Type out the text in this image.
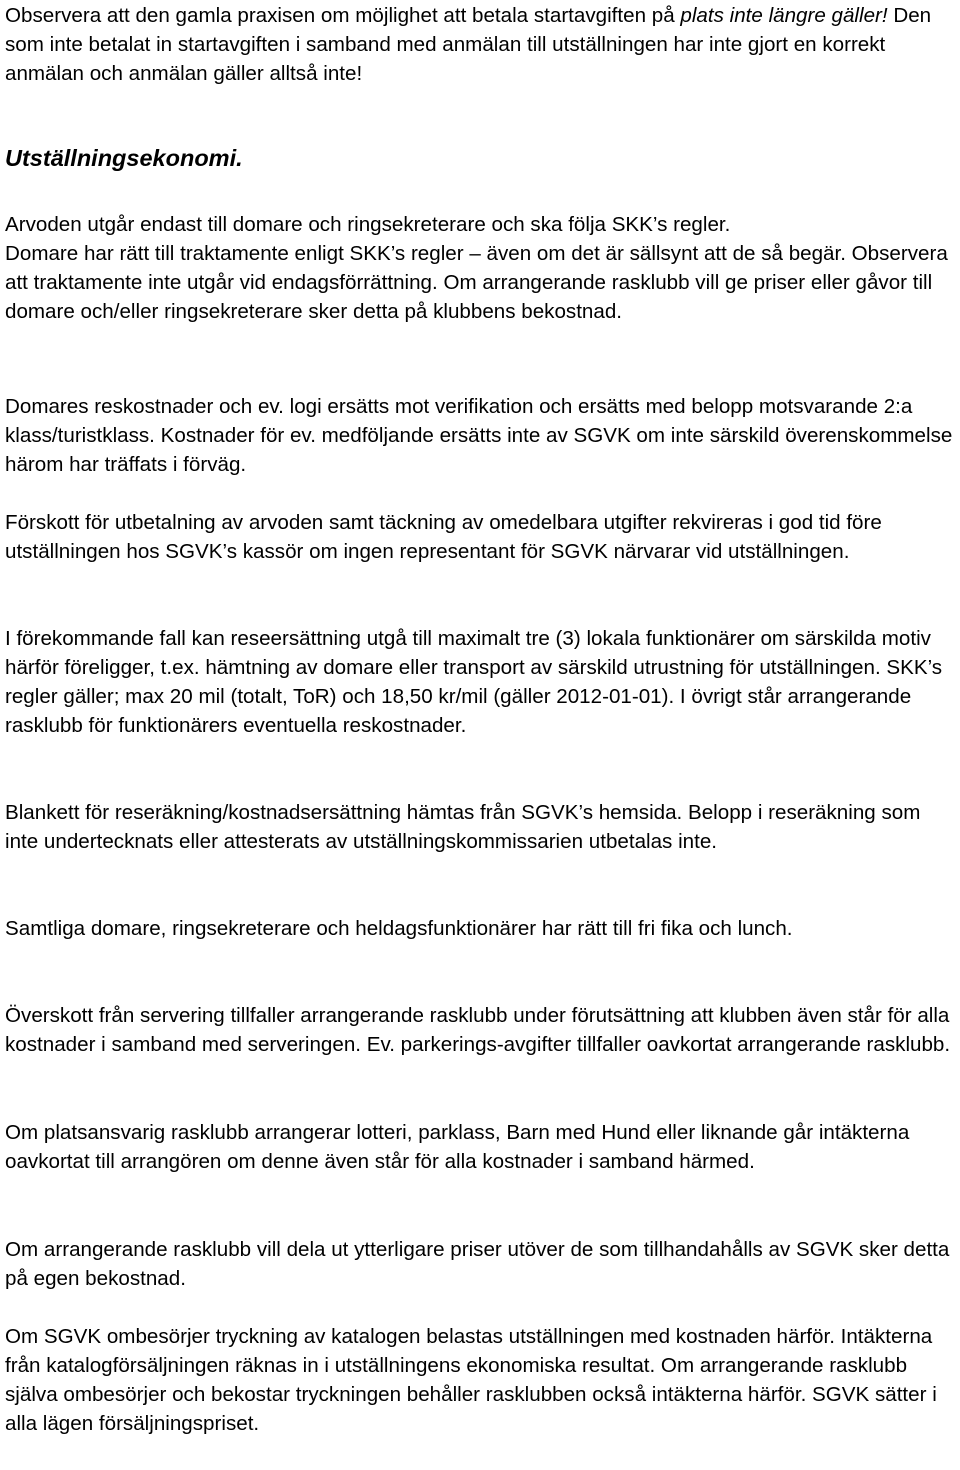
Observera att den gamla praxisen om möjlighet att betala startavgiften på plats inte längre gäller! Den som inte betalat in startavgiften i samband med anmälan till utställningen har inte gjort en korrekt anmälan och anmälan gäller alltså inte!

Utställningsekonomi.

Arvoden utgår endast till domare och ringsekreterare och ska följa SKK’s regler.

Domare har rätt till traktamente enligt SKK’s regler – även om det är sällsynt att de så begär. Observera att traktamente inte utgår vid endagsförrättning. Om arrangerande rasklubb vill ge priser eller gåvor till domare och/eller ringsekreterare sker detta på klubbens bekostnad.

Domares reskostnader och ev. logi ersätts mot verifikation och ersätts med belopp motsvarande 2:a klass/turistklass. Kostnader för ev. medföljande ersätts inte av SGVK om inte särskild överenskommelse härom har träffats i förväg.

Förskott för utbetalning av arvoden samt täckning av omedelbara utgifter rekvireras i god tid före utställningen hos SGVK’s kassör om ingen representant för SGVK närvarar vid utställningen.

I förekommande fall kan reseersättning utgå till maximalt tre (3) lokala funktionärer om särskilda motiv härför föreligger, t.ex. hämtning av domare eller transport av särskild utrustning för utställningen. SKK’s regler gäller; max 20 mil (totalt, ToR) och 18,50 kr/mil (gäller 2012-01-01). I övrigt står arrangerande rasklubb för funktionärers eventuella reskostnader.

Blankett för reseräkning/kostnadsersättning hämtas från SGVK’s hemsida. Belopp i reseräkning som inte undertecknats eller attesterats av utställningskommissarien utbetalas inte.

Samtliga domare, ringsekreterare och heldagsfunktionärer har rätt till fri fika och lunch.

Överskott från servering tillfaller arrangerande rasklubb under förutsättning att klubben även står för alla kostnader i samband med serveringen. Ev. parkerings-avgifter tillfaller oavkortat arrangerande rasklubb.

Om platsansvarig rasklubb arrangerar lotteri, parklass, Barn med Hund eller liknande går intäkterna oavkortat till arrangören om denne även står för alla kostnader i samband härmed.

Om arrangerande rasklubb vill dela ut ytterligare priser utöver de som tillhandahålls av SGVK sker detta på egen bekostnad.

Om SGVK ombesörjer tryckning av katalogen belastas utställningen med kostnaden härför. Intäkterna från katalogförsäljningen räknas in i utställningens ekonomiska resultat. Om arrangerande rasklubb själva ombesörjer och bekostar tryckningen behåller rasklubben också intäkterna härför. SGVK sätter i alla lägen försäljningspriset.
